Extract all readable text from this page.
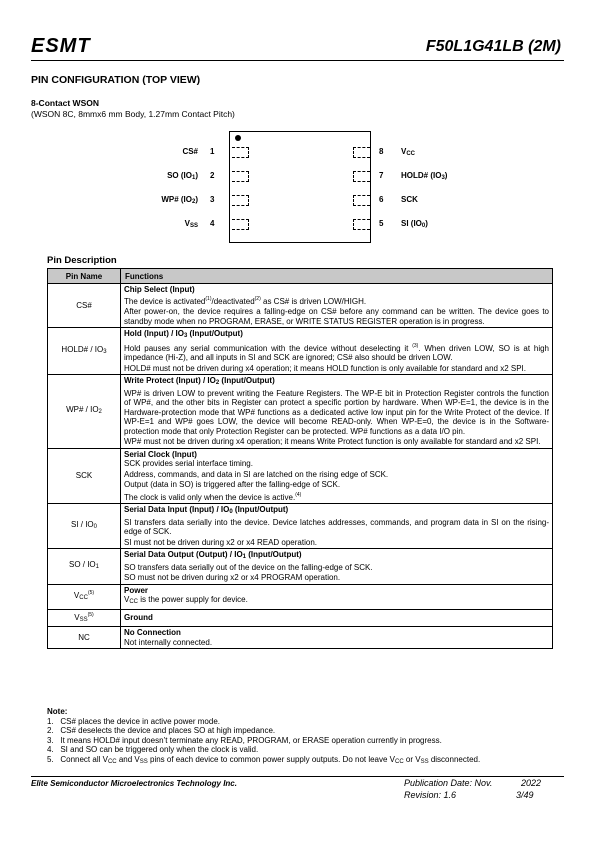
ESMT	F50L1G41LB (2M)
PIN CONFIGURATION (TOP VIEW)
8-Contact WSON
(WSON 8C, 8mmx6 mm Body, 1.27mm Contact Pitch)
CS#
SO $(IO_1)$
WP# $(IO_2)$
$V_{SS}$
1
2
3
4
8
7
6
5
$V_{CC}$
HOLD# $(IO_3)$
SCK
SI $(IO_0)$
Pin Description
Pin Name	Functions
CS#	Chip Select (Input)
The device is activated$^{(1)}$/deactivated$^{(2)}$ as CS# is driven LOW/HIGH.
After power-on, the device requires a falling-edge on CS# before any command can be written. The device goes to standby mode when no PROGRAM, ERASE, or WRITE STATUS REGISTER operation is in progress.

HOLD# / $IO_3$	Hold (Input) / $IO_3$ (Input/Output)
Hold pauses any serial communication with the device without deselecting it $^{(3)}$. When driven LOW, SO is at high impedance (Hi-Z), and all inputs in SI and SCK are ignored; CS# also should be driven LOW.
HOLD# must not be driven during x4 operation; it means HOLD function is only available for standard and x2 SPI.

WP# / $IO_2$	Write Protect (Input) / $IO_2$ (Input/Output)
WP# is driven LOW to prevent writing the Feature Registers. The WP-E bit in Protection Register controls the function of WP#, and the other bits in Register can protect a specific portion by hardware. When WP-E=1, the device is in the Hardware-protection mode that WP# functions as a dedicated active low input pin for the Write Protect of the device. If WP-E=1 and WP# goes LOW, the device will become READ-only. When WP-E=0, the device is in the Software-protection mode that only Protection Register can be protected. WP# functions as a data I/O pin.
WP# must not be driven during x4 operation; it means Write Protect function is only available for standard and x2 SPI.

SCK	Serial Clock (Input)
SCK provides serial interface timing.
Address, commands, and data in SI are latched on the rising edge of SCK.
Output (data in SO) is triggered after the falling-edge of SCK.
The clock is valid only when the device is active.$^{(4)}$

SI / $IO_0$	Serial Data Input (Input) / $IO_0$ (Input/Output)
SI transfers data serially into the device. Device latches addresses, commands, and program data in SI on the rising-edge of SCK.
SI must not be driven during x2 or x4 READ operation.

SO / $IO_1$	Serial Data Output (Output) / $IO_1$ (Input/Output)
SO transfers data serially out of the device on the falling-edge of SCK.
SO must not be driven during x2 or x4 PROGRAM operation.

$V_{CC}^{(5)}$	Power
$V_{CC}$ is the power supply for device.

$V_{SS}^{(5)}$	Ground

NC	No Connection
Not internally connected.
Note:
1.   CS# places the device in active power mode.
2.   CS# deselects the device and places SO at high impedance.
3.   It means HOLD# input doesn’t terminate any READ, PROGRAM, or ERASE operation currently in progress.
4.   SI and SO can be triggered only when the clock is valid.
5.   Connect all $V_{CC}$ and $V_{SS}$ pins of each device to common power supply outputs. Do not leave $V_{CC}$ or $V_{SS}$ disconnected.
Elite Semiconductor Microelectronics Technology Inc.	Publication Date: Nov.	2022
Revision: 1.6	3/49
